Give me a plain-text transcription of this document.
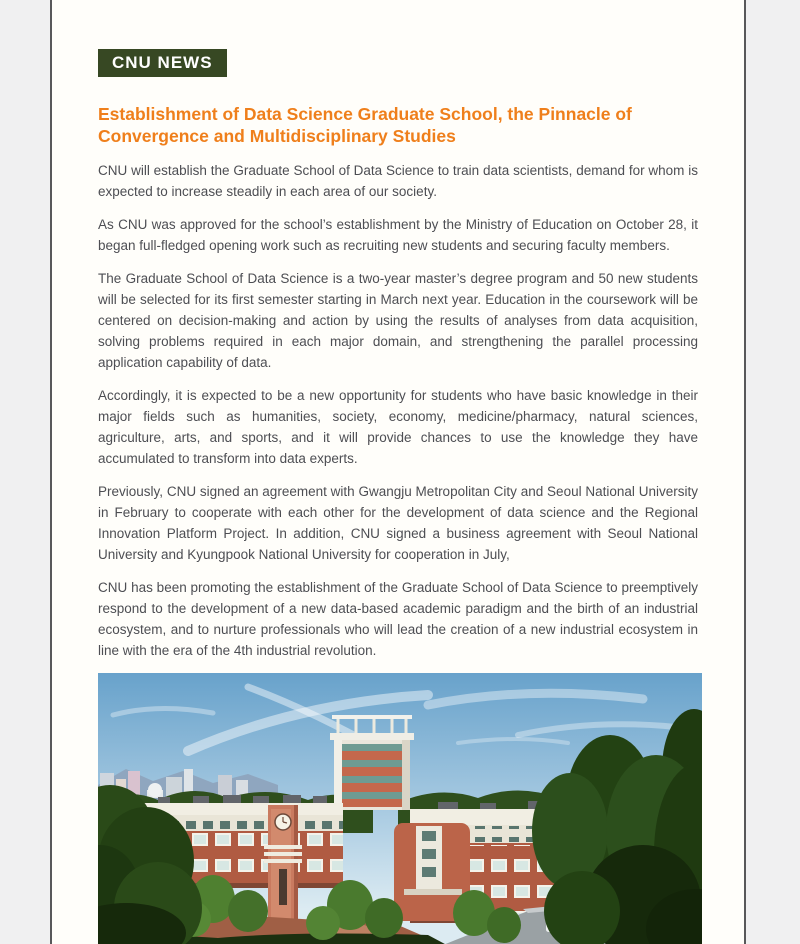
CNU NEWS
Establishment of Data Science Graduate School, the Pinnacle of Convergence and Multidisciplinary Studies

CNU will establish the Graduate School of Data Science to train data scientists, demand for whom is expected to increase steadily in each area of our society.

As CNU was approved for the school’s establishment by the Ministry of Education on October 28, it began full-fledged opening work such as recruiting new students and securing faculty members.

The Graduate School of Data Science is a two-year master’s degree program and 50 new students will be selected for its first semester starting in March next year. Education in the coursework will be centered on decision-making and action by using the results of analyses from data acquisition, solving problems required in each major domain, and strengthening the parallel processing application capability of data.

Accordingly, it is expected to be a new opportunity for students who have basic knowledge in their major fields such as humanities, society, economy, medicine/pharmacy, natural sciences, agriculture, arts, and sports, and it will provide chances to use the knowledge they have accumulated to transform into data experts.

Previously, CNU signed an agreement with Gwangju Metropolitan City and Seoul National University in February to cooperate with each other for the development of data science and the Regional Innovation Platform Project. In addition, CNU signed a business agreement with Seoul National University and Kyungpook National University for cooperation in July,

CNU has been promoting the establishment of the Graduate School of Data Science to preemptively respond to the development of a new data-based academic paradigm and the birth of an industrial ecosystem, and to nurture professionals who will lead the creation of a new industrial ecosystem in line with the era of the 4th industrial revolution.
